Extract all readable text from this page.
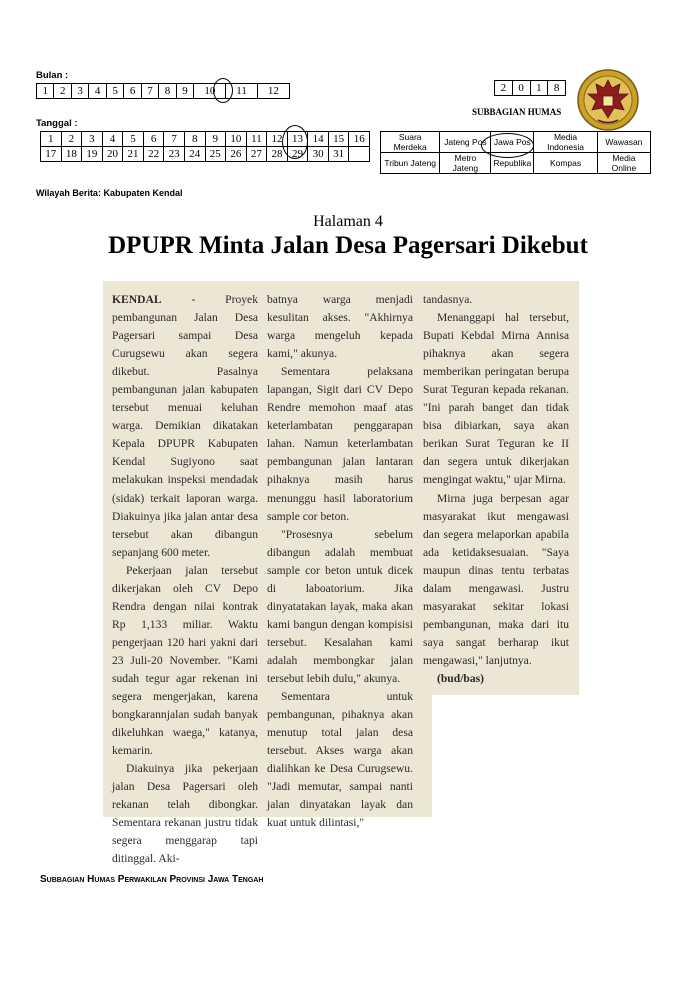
Bulan :
1	2	3	4	5	6	7	8	9	10	11	12
Tanggal :
1	2	3	4	5	6	7	8	9	10	11	12	13	14	15	16
17	18	19	20	21	22	23	24	25	26	27	28	29	30	31	
2	0	1	8
SUBBAGIAN HUMAS
Suara Merdeka	Jateng Pos	Jawa Pos	Media Indonesia	Wawasan
Tribun Jateng	Metro Jateng	Republika	Kompas	Media Online
Wilayah Berita: Kabupaten Kendal
Halaman 4
DPUPR Minta Jalan Desa Pagersari Dikebut

KENDAL - Proyek pembangunan Jalan Desa Pagersari sampai Desa Curugsewu akan segera dikebut. Pasalnya pembangunan jalan kabupaten tersebut menuai keluhan warga. Demikian dikatakan Kepala DPUPR Kabupaten Kendal Sugiyono saat melakukan inspeksi mendadak (sidak) terkait laporan warga. Diakuinya jika jalan antar desa tersebut akan dibangun sepanjang 600 meter.

Pekerjaan jalan tersebut dikerjakan oleh CV Depo Rendra dengan nilai kontrak Rp 1,133 miliar. Waktu pengerjaan 120 hari yakni dari 23 Juli-20 November. "Kami sudah tegur agar rekenan ini segera mengerjakan, karena bongkarannjalan sudah banyak dikeluhkan waega," katanya, kemarin.

Diakuinya jika pekerjaan jalan Desa Pagersari oleh rekanan telah dibongkar. Sementara rekanan justru tidak segera menggarap tapi ditinggal. Aki-

batnya warga menjadi kesulitan akses. "Akhirnya warga mengeluh kepada kami," akunya.

Sementara pelaksana lapangan, Sigit dari CV Depo Rendre memohon maaf atas keterlambatan penggarapan lahan. Namun keterlambatan pembangunan jalan lantaran pihaknya masih harus menunggu hasil laboratorium sample cor beton.

"Prosesnya sebelum dibangun adalah membuat sample cor beton untuk dicek di laboatorium. Jika dinyatatakan layak, maka akan kami bangun dengan kompisisi tersebut. Kesalahan kami adalah membongkar jalan tersebut lebih dulu," akunya.

Sementara untuk pembangunan, pihaknya akan menutup total jalan desa tersebut. Akses warga akan dialihkan ke Desa Curugsewu. "Jadi memutar, sampai nanti jalan dinyatakan layak dan kuat untuk dilintasi,"

tandasnya.

Menanggapi hal tersebut, Bupati Kebdal Mirna Annisa pihaknya akan segera memberikan peringatan berupa Surat Teguran kepada rekanan. "Ini parah banget dan tidak bisa dibiarkan, saya akan berikan Surat Teguran ke II dan segera untuk dikerjakan mengingat waktu," ujar Mirna.

Mirna juga berpesan agar masyarakat ikut mengawasi dan segera melaporkan apabila ada ketidaksesuaian. "Saya maupun dinas tentu terbatas dalam mengawasi. Justru masyarakat sekitar lokasi pembangunan, maka dari itu saya sangat berharap ikut mengawasi," lanjutnya.

(bud/bas)

Subbagian Humas Perwakilan Provinsi Jawa Tengah
